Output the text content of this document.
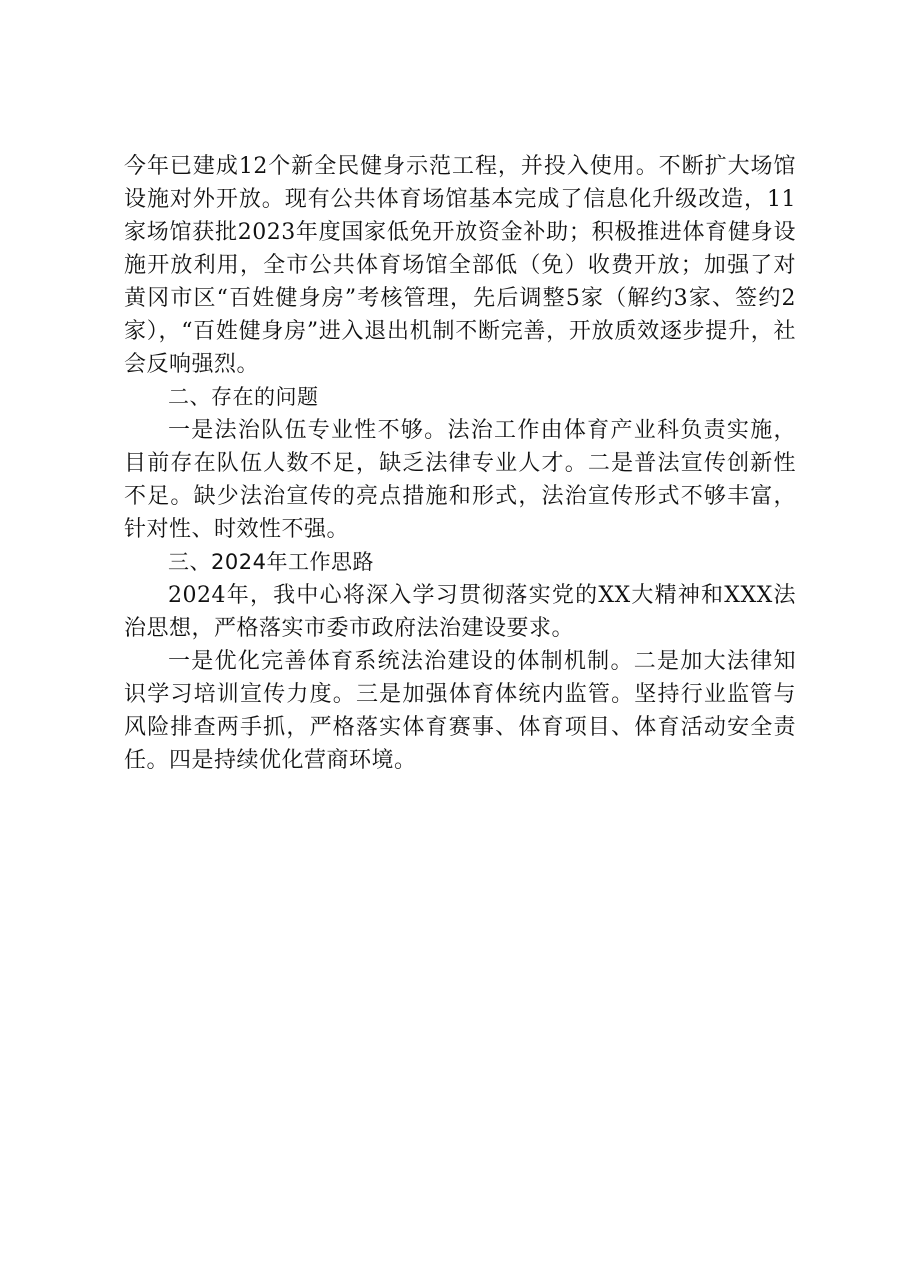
今年已建成12个新全民健身示范工程，并投入使用。不断扩大场馆设施对外开放。现有公共体育场馆基本完成了信息化升级改造，11家场馆获批2023年度国家低免开放资金补助；积极推进体育健身设施开放利用，全市公共体育场馆全部低（免）收费开放；加强了对黄冈市区“百姓健身房”考核管理，先后调整5家（解约3家、签约2家），“百姓健身房”进入退出机制不断完善，开放质效逐步提升，社会反响强烈。

二、存在的问题

一是法治队伍专业性不够。法治工作由体育产业科负责实施，目前存在队伍人数不足，缺乏法律专业人才。二是普法宣传创新性不足。缺少法治宣传的亮点措施和形式，法治宣传形式不够丰富，针对性、时效性不强。

三、2024年工作思路

2024年，我中心将深入学习贯彻落实党的XX大精神和XXX法治思想，严格落实市委市政府法治建设要求。

一是优化完善体育系统法治建设的体制机制。二是加大法律知识学习培训宣传力度。三是加强体育体统内监管。坚持行业监管与风险排查两手抓，严格落实体育赛事、体育项目、体育活动安全责任。四是持续优化营商环境。
